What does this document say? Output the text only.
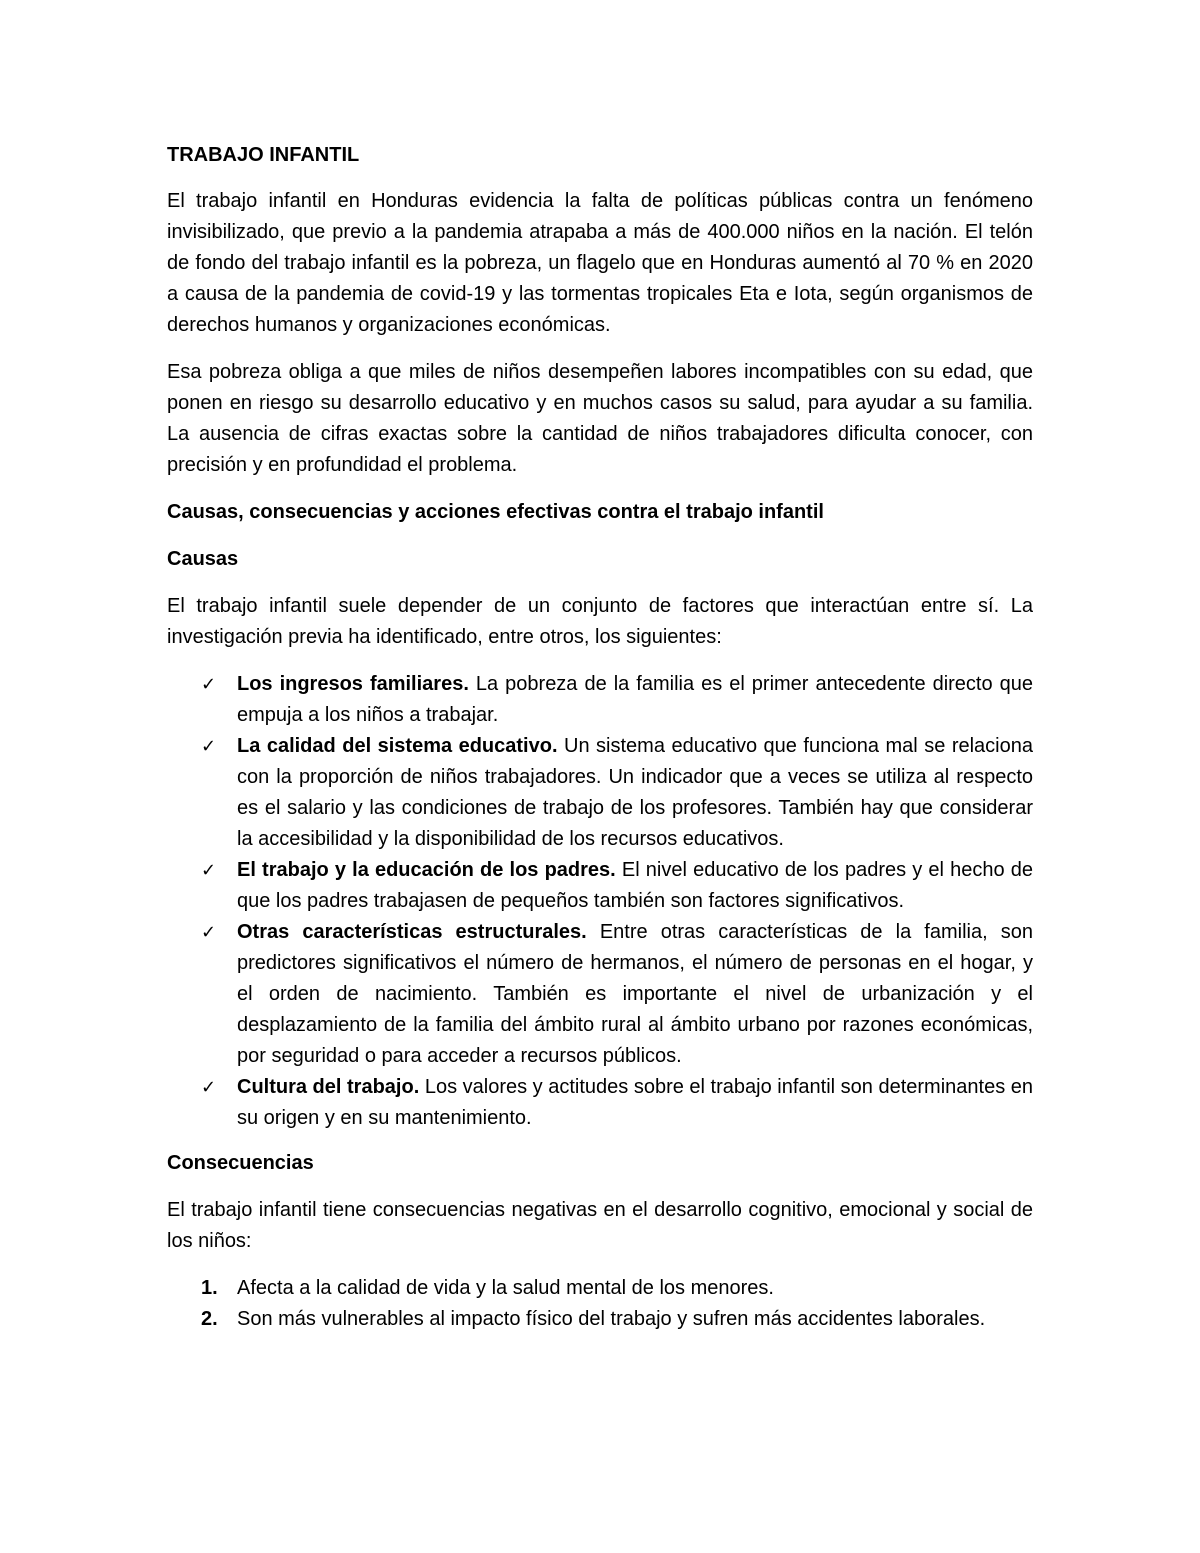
TRABAJO INFANTIL

El trabajo infantil en Honduras evidencia la falta de políticas públicas contra un fenómeno invisibilizado, que previo a la pandemia atrapaba a más de 400.000 niños en la nación. El telón de fondo del trabajo infantil es la pobreza, un flagelo que en Honduras aumentó al 70 % en 2020 a causa de la pandemia de covid-19 y las tormentas tropicales Eta e Iota, según organismos de derechos humanos y organizaciones económicas.

Esa pobreza obliga a que miles de niños desempeñen labores incompatibles con su edad, que ponen en riesgo su desarrollo educativo y en muchos casos su salud, para ayudar a su familia. La ausencia de cifras exactas sobre la cantidad de niños trabajadores dificulta conocer, con precisión y en profundidad el problema.

Causas, consecuencias y acciones efectivas contra el trabajo infantil
Causas

El trabajo infantil suele depender de un conjunto de factores que interactúan entre sí. La investigación previa ha identificado, entre otros, los siguientes:

✓ Los ingresos familiares. La pobreza de la familia es el primer antecedente directo que empuja a los niños a trabajar.
✓ La calidad del sistema educativo. Un sistema educativo que funciona mal se relaciona con la proporción de niños trabajadores. Un indicador que a veces se utiliza al respecto es el salario y las condiciones de trabajo de los profesores. También hay que considerar la accesibilidad y la disponibilidad de los recursos educativos.
✓ El trabajo y la educación de los padres. El nivel educativo de los padres y el hecho de que los padres trabajasen de pequeños también son factores significativos.
✓ Otras características estructurales. Entre otras características de la familia, son predictores significativos el número de hermanos, el número de personas en el hogar, y el orden de nacimiento. También es importante el nivel de urbanización y el desplazamiento de la familia del ámbito rural al ámbito urbano por razones económicas, por seguridad o para acceder a recursos públicos.
✓ Cultura del trabajo. Los valores y actitudes sobre el trabajo infantil son determinantes en su origen y en su mantenimiento.
Consecuencias

El trabajo infantil tiene consecuencias negativas en el desarrollo cognitivo, emocional y social de los niños:

1. Afecta a la calidad de vida y la salud mental de los menores.
2. Son más vulnerables al impacto físico del trabajo y sufren más accidentes laborales.
